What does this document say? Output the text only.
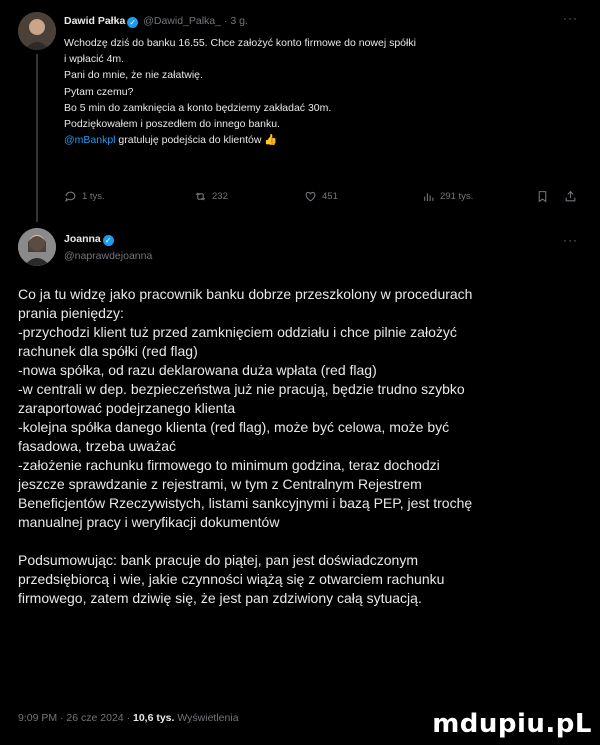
Dawid Pałka ✓ @Dawid_Palka_ · 3 g.	···
Wchodzę dziś do banku 16.55. Chce założyć konto firmowe do nowej spółki
i wpłacić 4m.
Pani do mnie, że nie załatwię.
Pytam czemu?
Bo 5 min do zamknięcia a konto będziemy zakładać 30m.
Podziękowałem i poszedłem do innego banku.
@mBankpl gratuluję podejścia do klientów 👍
1 tys.	232	451	291 tys.
Joanna ✓
@naprawdejoanna
···
Co ja tu widzę jako pracownik banku dobrze przeszkolony w procedurach
prania pieniędzy:
-przychodzi klient tuż przed zamknięciem oddziału i chce pilnie założyć
rachunek dla spółki (red flag)
-nowa spółka, od razu deklarowana duża wpłata (red flag)
-w centrali w dep. bezpieczeństwa już nie pracują, będzie trudno szybko
zaraportować podejrzanego klienta
-kolejna spółka danego klienta (red flag), może być celowa, może być
fasadowa, trzeba uważać
-założenie rachunku firmowego to minimum godzina, teraz dochodzi
jeszcze sprawdzanie z rejestrami, w tym z Centralnym Rejestrem
Beneficjentów Rzeczywistych, listami sankcyjnymi i bazą PEP, jest trochę
manualnej pracy i weryfikacji dokumentów
Podsumowując: bank pracuje do piątej, pan jest doświadczonym
przedsiębiorcą i wie, jakie czynności wiążą się z otwarciem rachunku
firmowego, zatem dziwię się, że jest pan zdziwiony całą sytuacją.
9:09 PM · 26 cze 2024 · 10,6 tys. Wyświetlenia	mdupiu.pL
